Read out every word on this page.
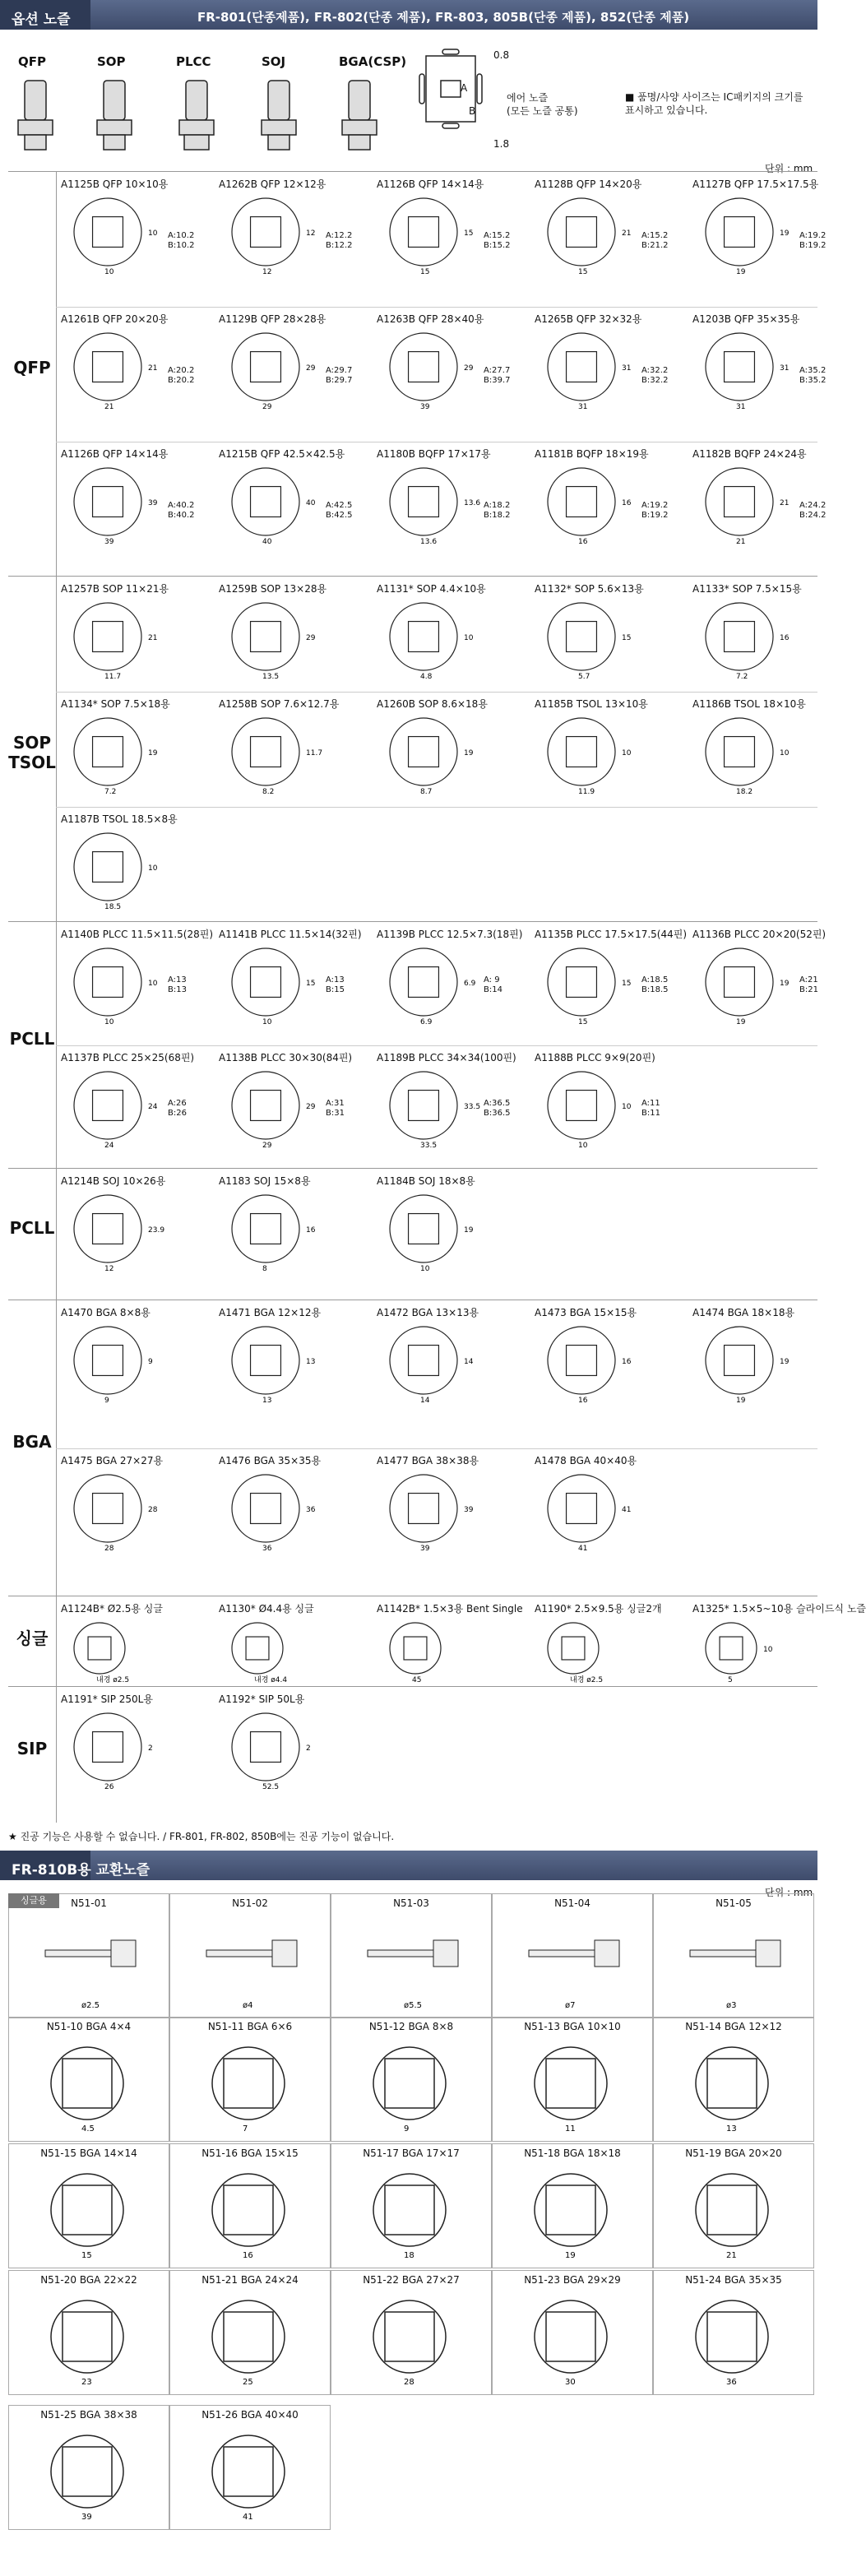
옵션 노즐	FR-801(단종제품), FR-802(단종 제품), FR-803, 805B(단종 제품), 852(단종 제품)
QFP	SOP	PLCC	SOJ	BGA(CSP)	0.8
1.8
A
B
에어 노즐
(모든 노즐 공통)
■ 품명/사양 사이즈는 IC패키지의 크기를 표시하고 있습니다.
단위 : mm
QFP
A1125B QFP 10×10용
10
10 A:10.2
B:10.2
A1262B QFP 12×12용
12
12 A:12.2
B:12.2
A1126B QFP 14×14용
15
15 A:15.2
B:15.2
A1128B QFP 14×20용
15
21 A:15.2
B:21.2
A1127B QFP 17.5×17.5용
19
19 A:19.2
B:19.2
A1261B QFP 20×20용
21
21 A:20.2
B:20.2
A1129B QFP 28×28용
29
29 A:29.7
B:29.7
A1263B QFP 28×40용
39
29 A:27.7
B:39.7
A1265B QFP 32×32용
31
31 A:32.2
B:32.2
A1203B QFP 35×35용
31
31 A:35.2
B:35.2
A1126B QFP 14×14용
39
39 A:40.2
B:40.2
A1215B QFP 42.5×42.5용
40
40 A:42.5
B:42.5
A1180B BQFP 17×17용
13.6
13.6 A:18.2
B:18.2
A1181B BQFP 18×19용
16
16 A:19.2
B:19.2
A1182B BQFP 24×24용
21
21 A:24.2
B:24.2
SOP TSOL
A1257B SOP 11×21용
11.7
21
A1259B SOP 13×28용
13.5
29
A1131* SOP 4.4×10용
4.8
10
A1132* SOP 5.6×13용
5.7
15
A1133* SOP 7.5×15용
7.2
16
A1134* SOP 7.5×18용
7.2
19
A1258B SOP 7.6×12.7용
8.2
11.7
A1260B SOP 8.6×18용
8.7
19
A1185B TSOL 13×10용
11.9
10
A1186B TSOL 18×10용
18.2
10
A1187B TSOL 18.5×8용
18.5
10
PCLL
A1140B PLCC 11.5×11.5(28핀)
10
10 A:13
B:13
A1141B PLCC 11.5×14(32핀)
10
15 A:13
B:15
A1139B PLCC 12.5×7.3(18핀)
6.9
6.9 A: 9
B:14
A1135B PLCC 17.5×17.5(44핀)
15
15 A:18.5
B:18.5
A1136B PLCC 20×20(52핀)
19
19 A:21
B:21
A1137B PLCC 25×25(68핀)
24
24 A:26
B:26
A1138B PLCC 30×30(84핀)
29
29 A:31
B:31
A1189B PLCC 34×34(100핀)
33.5
33.5 A:36.5
B:36.5
A1188B PLCC 9×9(20핀)
10
10 A:11
B:11
PCLL
A1214B SOJ 10×26용
12
23.9
A1183 SOJ 15×8용
8
16
A1184B SOJ 18×8용
10
19
BGA
A1470 BGA 8×8용
9
9
A1471 BGA 12×12용
13
13
A1472 BGA 13×13용
14
14
A1473 BGA 15×15용
16
16
A1474 BGA 18×18용
19
19
A1475 BGA 27×27용
28
28
A1476 BGA 35×35용
36
36
A1477 BGA 38×38용
39
39
A1478 BGA 40×40용
41
41
싱글
A1124B* Ø2.5용 싱글
내경 ø2.5
A1130* Ø4.4용 싱글
내경 ø4.4
A1142B* 1.5×3용 Bent Single
45
A1190* 2.5×9.5용 싱글2개
내경 ø2.5
A1325* 1.5×5~10용 슬라이드식 노즐
5
10
SIP
A1191* SIP 250L용
26
2
A1192* SIP 50L용
52.5
2
★ 진공 기능은 사용할 수 없습니다. / FR-801, FR-802, 850B에는 진공 기능이 없습니다.
FR-810B용 교환노즐
단위 : mm
싱글용	N51-01
ø2.5
N51-02
ø4
N51-03
ø5.5
N51-04
ø7
N51-05
ø3
N51-10 BGA 4×4
4.5
N51-11 BGA 6×6
7
N51-12 BGA 8×8
9
N51-13 BGA 10×10
11
N51-14 BGA 12×12
13
N51-15 BGA 14×14
15
N51-16 BGA 15×15
16
N51-17 BGA 17×17
18
N51-18 BGA 18×18
19
N51-19 BGA 20×20
21
N51-20 BGA 22×22
23
N51-21 BGA 24×24
25
N51-22 BGA 27×27
28
N51-23 BGA 29×29
30
N51-24 BGA 35×35
36
N51-25 BGA 38×38
39
N51-26 BGA 40×40
41
